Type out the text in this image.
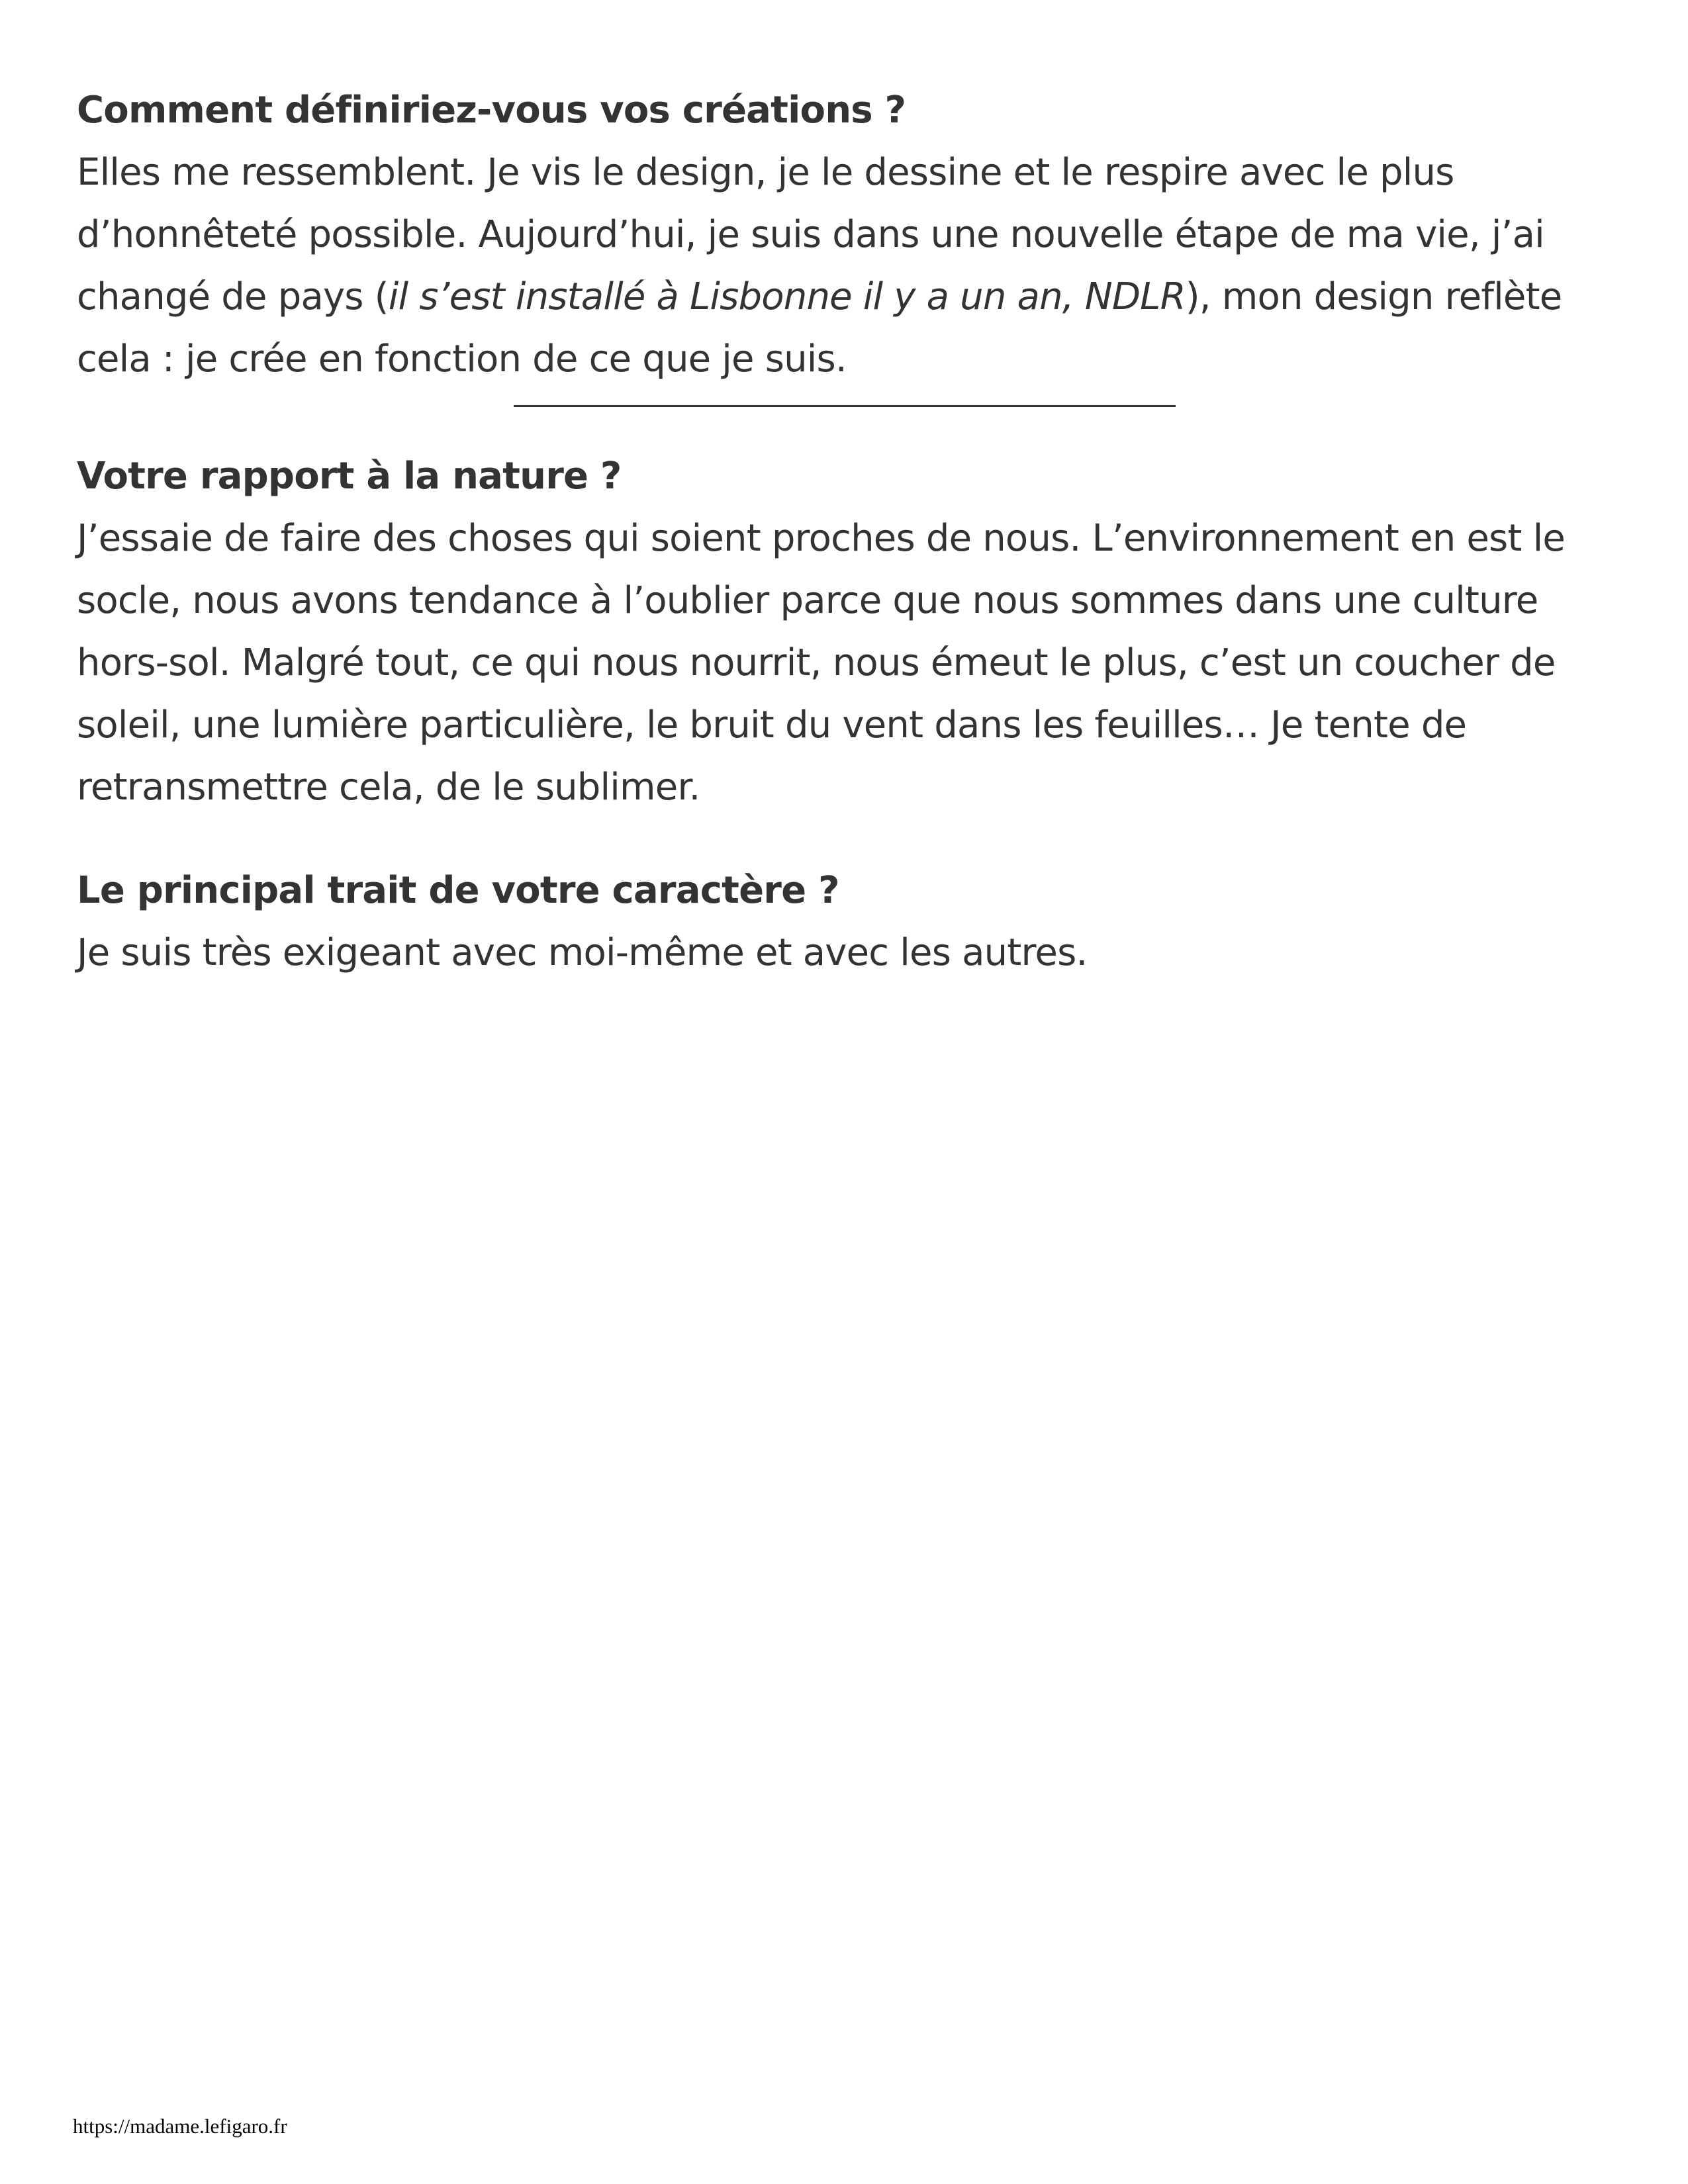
Comment définiriez-vous vos créations ?

Elles me ressemblent. Je vis le design, je le dessine et le respire avec le plus d’honnêteté possible. Aujourd’hui, je suis dans une nouvelle étape de ma vie, j’ai changé de pays (il s’est installé à Lisbonne il y a un an, NDLR), mon design reflète cela : je crée en fonction de ce que je suis.

Votre rapport à la nature ?

J’essaie de faire des choses qui soient proches de nous. L’environnement en est le socle, nous avons tendance à l’oublier parce que nous sommes dans une culture hors-sol. Malgré tout, ce qui nous nourrit, nous émeut le plus, c’est un coucher de soleil, une lumière particulière, le bruit du vent dans les feuilles… Je tente de retransmettre cela, de le sublimer.

Le principal trait de votre caractère ?

Je suis très exigeant avec moi-même et avec les autres.

https://madame.lefigaro.fr
